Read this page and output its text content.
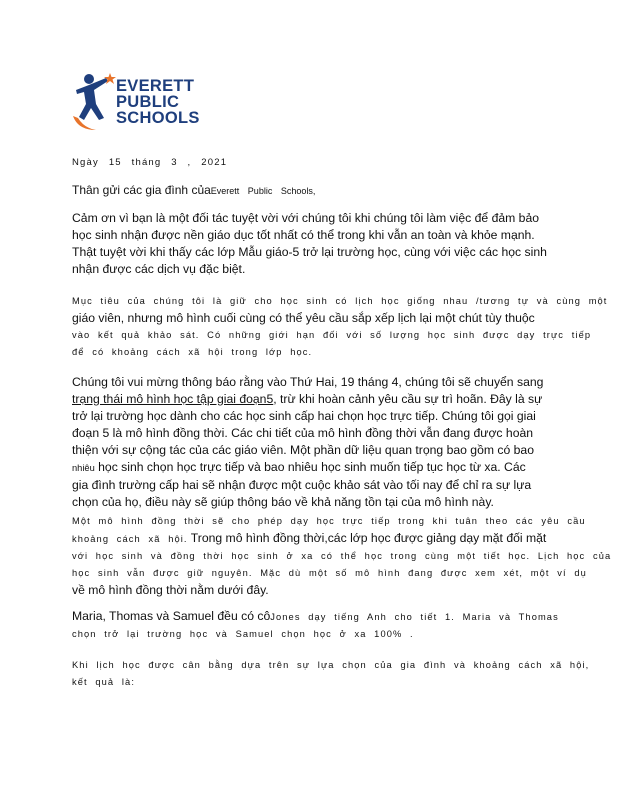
EVERETT
PUBLIC
SCHOOLS
Ngày 15 tháng 3 , 2021
Thân gửi các gia đình củaEverett Public Schools,
Cảm ơn vì bạn là một đối tác tuyệt vời với chúng tôi khi chúng tôi làm việc để đảm bảo
học sinh nhận được nền giáo dục tốt nhất có thể trong khi vẫn an toàn và khỏe mạnh.
Thật tuyệt vời khi thấy các lớp Mẫu giáo-5 trở lại trường học, cùng với việc các học sinh
nhận được các dịch vụ đặc biệt.
Mục tiêu của chúng tôi là giữ cho học sinh có lịch học giống nhau /tương tự và cùng một
giáo viên, nhưng mô hình cuối cùng có thể yêu cầu sắp xếp lịch lại một chút tùy thuộc
vào kết quả khảo sát. Có những giới hạn đối với số lượng học sinh được dạy trực tiếp
để có khoảng cách xã hội trong lớp học.
Chúng tôi vui mừng thông báo rằng vào Thứ Hai, 19 tháng 4, chúng tôi sẽ chuyển sang
trạng thái mô hình học tập giai đoạn5, trừ khi hoàn cảnh yêu cầu sự trì hoãn. Đây là sự
trở lại trường học dành cho các học sinh cấp hai chọn học trực tiếp. Chúng tôi gọi giai
đoạn 5 là mô hình đồng thời. Các chi tiết của mô hình đồng thời vẫn đang được hoàn
thiện với sự cộng tác của các giáo viên. Một phần dữ liệu quan trọng bao gồm có bao
nhiêu học sinh chọn học trực tiếp và bao nhiêu học sinh muốn tiếp tục học từ xa. Các
gia đình trường cấp hai sẽ nhận được một cuộc khảo sát vào tối nay để chỉ ra sự lựa
chọn của họ, điều này sẽ giúp thông báo về khả năng tồn tại của mô hình này.
Một mô hình đồng thời sẽ cho phép dạy học trực tiếp trong khi tuân theo các yêu cầu
khoảng cách xã hội. Trong mô hình đồng thời,các lớp học được giảng dạy mặt đối mặt
với học sinh và đồng thời học sinh ở xa có thể học trong cùng một tiết học. Lịch học của
học sinh vẫn được giữ nguyên. Mặc dù một số mô hình đang được xem xét, một ví dụ
về mô hình đồng thời nằm dưới đây.
Maria, Thomas và Samuel đều có côJones dạy tiếng Anh cho tiết 1. Maria và Thomas
chọn trở lại trường học và Samuel chọn học ở xa 100% .
Khi lịch học được cân bằng dựa trên sự lựa chọn của gia đình và khoảng cách xã hội,
kết quả là:
